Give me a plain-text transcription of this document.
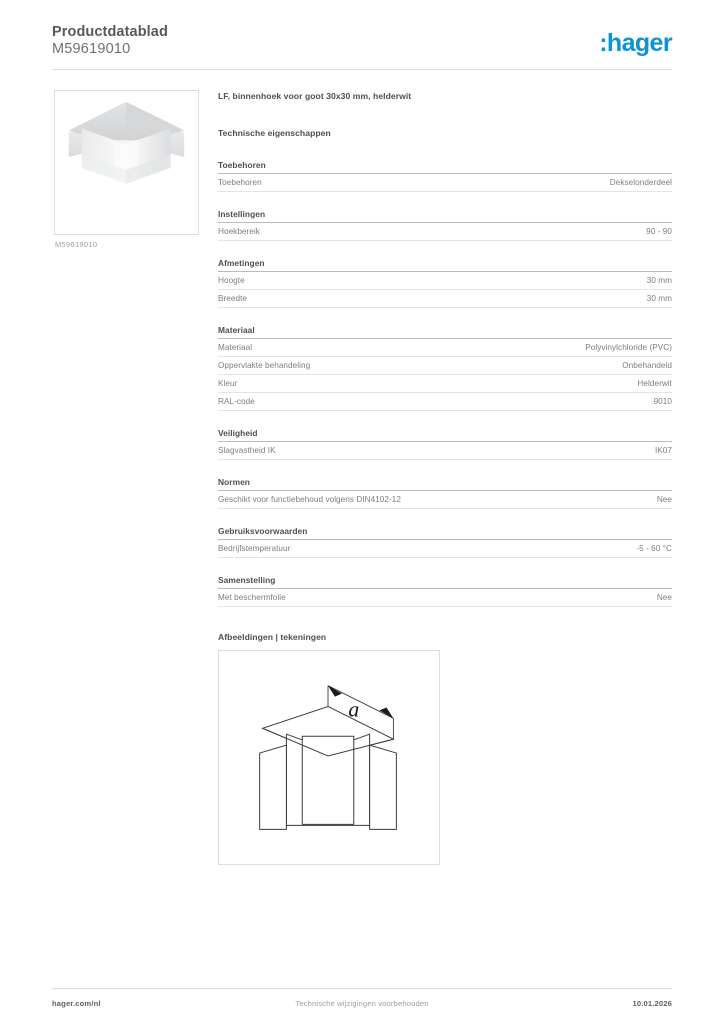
Productdatablad
M59619010	:hager
M59619010
LF, binnenhoek voor goot 30x30 mm, helderwit
Technische eigenschappen
Toebehoren
Toebehoren	Dekselonderdeel
Instellingen
Hoekbereik	90 - 90
Afmetingen
Hoogte	30 mm
Breedte	30 mm
Materiaal
Materiaal	Polyvinylchloride (PVC)
Oppervlakte behandeling	Onbehandeld
Kleur	Helderwit
RAL-code	9010
Veiligheid
Slagvastheid IK	IK07
Normen
Geschikt voor functiebehoud volgens DIN4102-12	Nee
Gebruiksvoorwaarden
Bedrijfstemperatuur	-5 - 60 °C
Samenstelling
Met beschermfolie	Nee
Afbeeldingen | tekeningen
a
hager.com/nl	Technische wijzigingen voorbehouden	10.01.2026
